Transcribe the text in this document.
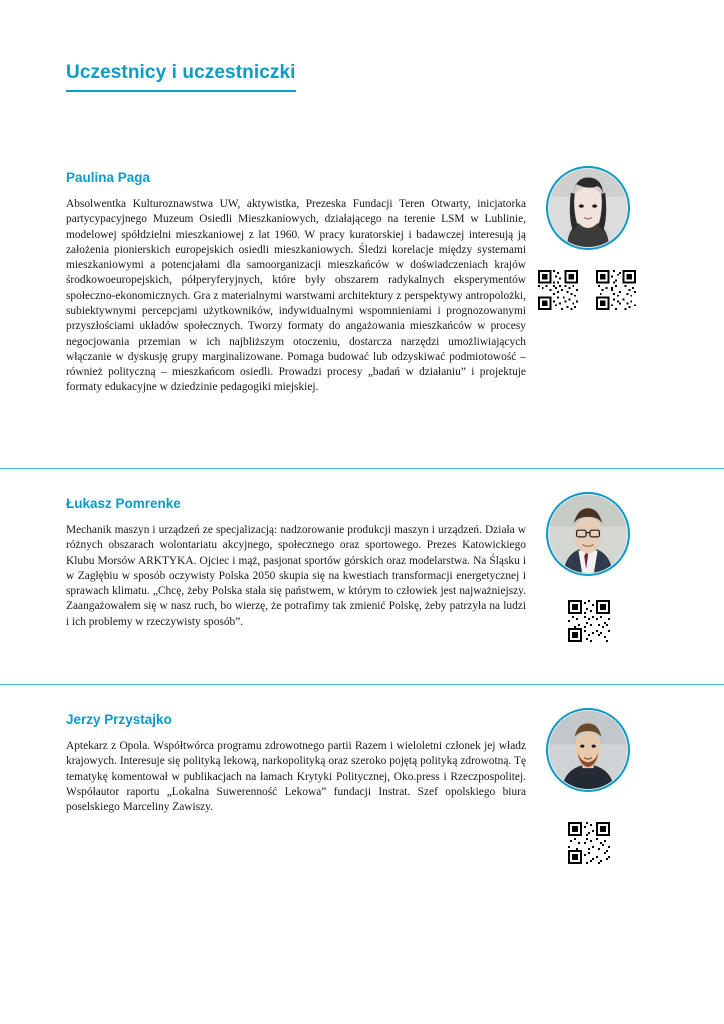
Uczestnicy i uczestniczki
Paulina Paga
Absolwentka Kulturoznawstwa UW, aktywistka, Prezeska Fundacji Teren Otwarty, inicjatorka partycypacyjnego Muzeum Osiedli Mieszkaniowych, działającego na terenie LSM w Lublinie, modelowej spółdzielni mieszkaniowej z lat 1960. W pracy kuratorskiej i badawczej interesują ją założenia pionierskich europejskich osiedli mieszkaniowych. Śledzi korelacje między systemami mieszkaniowymi a potencjałami dla samoorganizacji mieszkańców w doświadczeniach krajów środkowoeuropejskich, półperyferyjnych, które były obszarem radykalnych eksperymentów społeczno-ekonomicznych. Gra z materialnymi warstwami architektury z perspektywy antropolożki, subiektywnymi percepcjami użytkowników, indywidualnymi wspomnieniami i prognozowanymi przyszłościami układów społecznych. Tworzy formaty do angażowania mieszkańców w procesy negocjowania przemian w ich najbliższym otoczeniu, dostarcza narzędzi umożliwiających włączanie w dyskusję grupy marginalizowane. Pomaga budować lub odzyskiwać podmiotowość – również polityczną – mieszkańcom osiedli. Prowadzi procesy „badań w działaniu” i projektuje formaty edukacyjne w dziedzinie pedagogiki miejskiej.
Łukasz Pomrenke
Mechanik maszyn i urządzeń ze specjalizacją: nadzorowanie produkcji maszyn i urządzeń. Działa w różnych obszarach wolontariatu akcyjnego, społecznego oraz sportowego. Prezes Katowickiego Klubu Morsów ARKTYKA. Ojciec i mąż, pasjonat sportów górskich oraz modelarstwa. Na Śląsku i w Zagłębiu w sposób oczywisty Polska 2050 skupia się na kwestiach transformacji energetycznej i sprawach klimatu. „Chcę, żeby Polska stała się państwem, w którym to człowiek jest najważniejszy. Zaangażowałem się w nasz ruch, bo wierzę, że potrafimy tak zmienić Polskę, żeby patrzyła na ludzi i ich problemy w rzeczywisty sposób”.
Jerzy Przystajko
Aptekarz z Opola. Współtwórca programu zdrowotnego partii Razem i wieloletni członek jej władz krajowych. Interesuje się polityką lekową, narkopolityką oraz szeroko pojętą polityką zdrowotną. Tę tematykę komentował w publikacjach na łamach Krytyki Politycznej, Oko.press i Rzeczpospolitej. Współautor raportu „Lokalna Suwerenność Lekowa” fundacji Instrat. Szef opolskiego biura poselskiego Marceliny Zawiszy.
